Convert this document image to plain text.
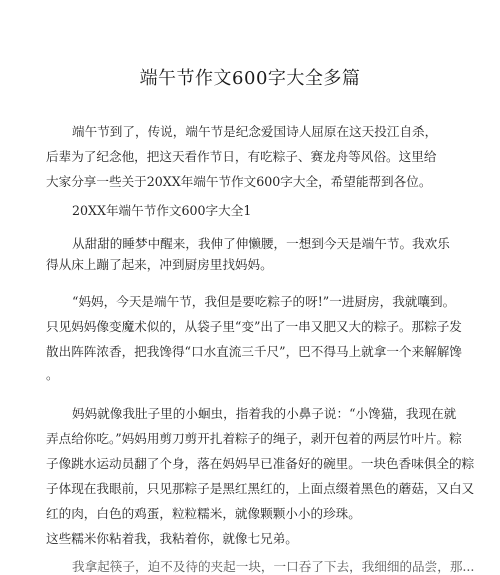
端午节作文600字大全多篇
端午节到了，传说，端午节是纪念爱国诗人屈原在这天投江自杀，
后辈为了纪念他，把这天看作节日，有吃粽子、赛龙舟等风俗。这里给
大家分享一些关于20XX年端午节作文600字大全，希望能帮到各位。
20XX年端午节作文600字大全1
从甜甜的睡梦中醒来，我伸了伸懒腰，一想到今天是端午节。我欢乐
得从床上蹦了起来，冲到厨房里找妈妈。
“妈妈，今天是端午节，我但是要吃粽子的呀!”一进厨房，我就嚷到。
只见妈妈像变魔术似的，从袋子里“变”出了一串又肥又大的粽子。那粽子发
散出阵阵浓香，把我馋得“口水直流三千尺”，巴不得马上就拿一个来解解馋
。
妈妈就像我肚子里的小蛔虫，指着我的小鼻子说：“小馋猫，我现在就
弄点给你吃。”妈妈用剪刀剪开扎着粽子的绳子，剥开包着的两层竹叶片。粽
子像跳水运动员翻了个身，落在妈妈早已准备好的碗里。一块色香味俱全的粽
子体现在我眼前，只见那粽子是黑红黑红的，上面点缀着黑色的蘑菇，又白又
红的肉，白色的鸡蛋，粒粒糯米，就像颗颗小小的珍珠。
这些糯米你粘着我，我粘着你，就像七兄弟。
我拿起筷子，迫不及待的夹起一块，一口吞了下去，我细细的品尝，那...
